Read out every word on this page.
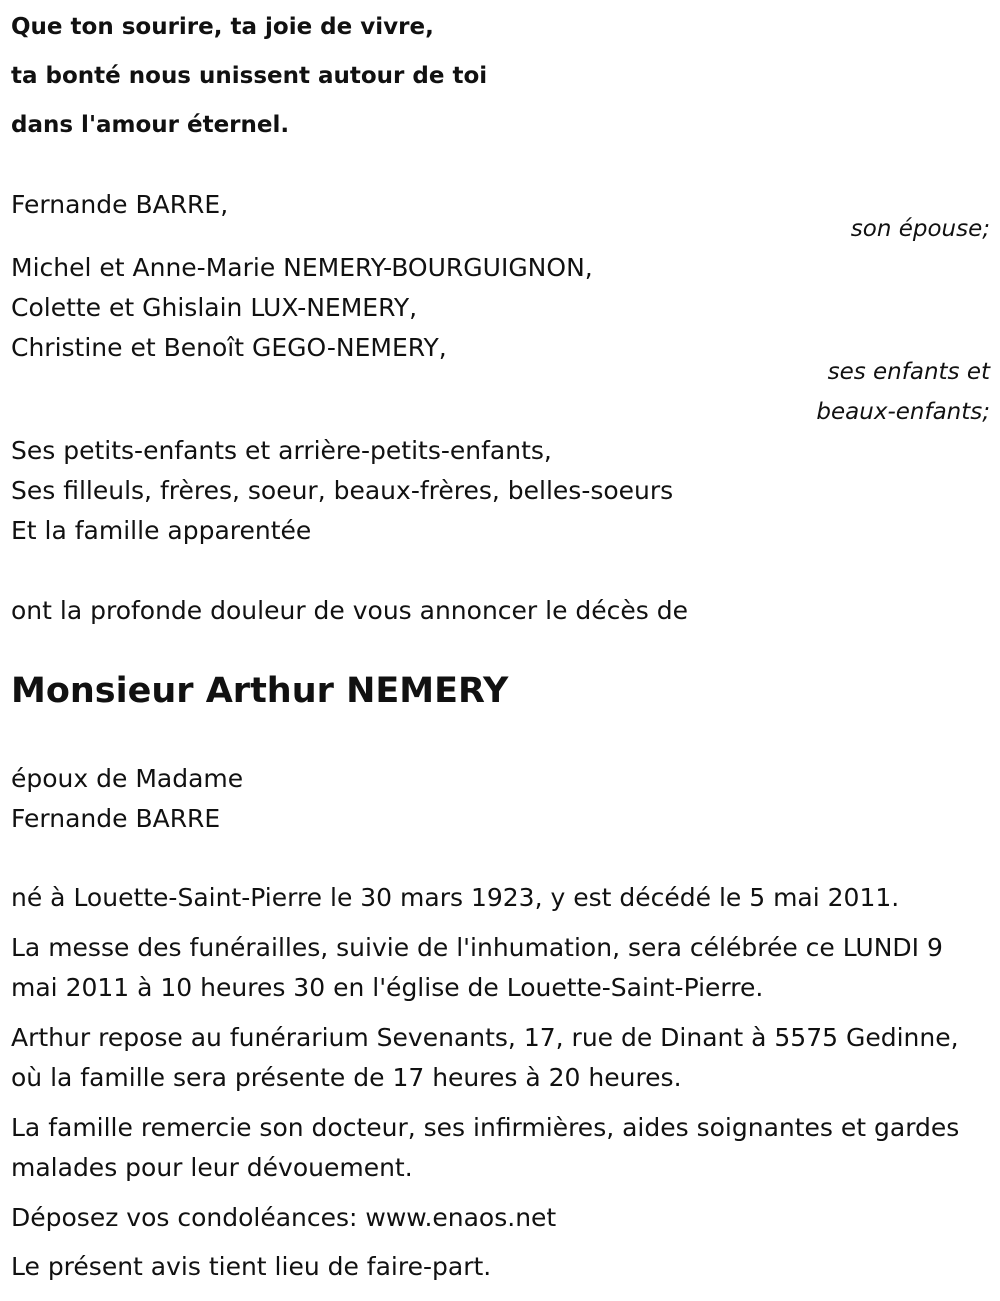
Que ton sourire, ta joie de vivre,
ta bonté nous unissent autour de toi
dans l'amour éternel.
Fernande BARRE,
son épouse;
Michel et Anne-Marie NEMERY-BOURGUIGNON,
Colette et Ghislain LUX-NEMERY,
Christine et Benoît GEGO-NEMERY,
ses enfants et
beaux-enfants;
Ses petits-enfants et arrière-petits-enfants,
Ses filleuls, frères, soeur, beaux-frères, belles-soeurs
Et la famille apparentée
ont la profonde douleur de vous annoncer le décès de
Monsieur Arthur NEMERY
époux de Madame
Fernande BARRE
né à Louette-Saint-Pierre le 30 mars 1923, y est décédé le 5 mai 2011.
La messe des funérailles, suivie de l'inhumation, sera célébrée ce LUNDI 9 mai 2011 à 10 heures 30 en l'église de Louette-Saint-Pierre.
Arthur repose au funérarium Sevenants, 17, rue de Dinant à 5575 Gedinne, où la famille sera présente de 17 heures à 20 heures.
La famille remercie son docteur, ses infirmières, aides soignantes et gardes malades pour leur dévouement.
Déposez vos condoléances: www.enaos.net
Le présent avis tient lieu de faire-part.
